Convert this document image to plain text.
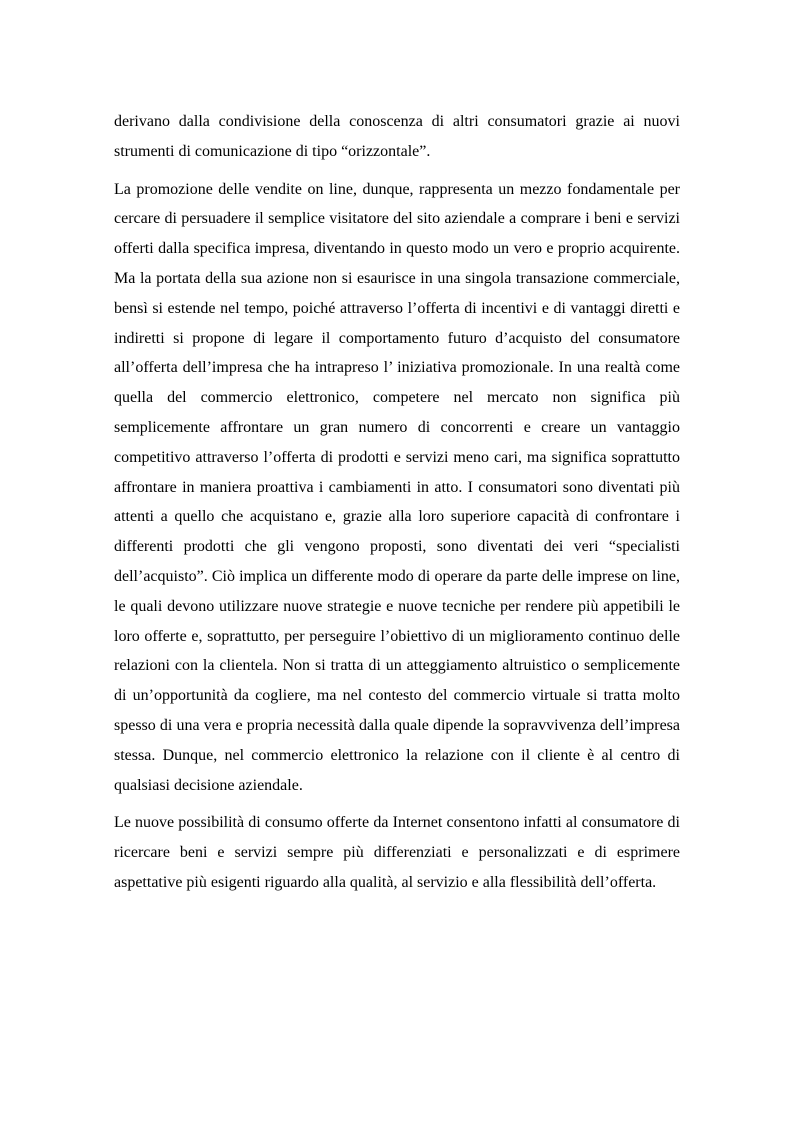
derivano dalla condivisione della conoscenza di altri consumatori grazie ai nuovi strumenti di comunicazione di tipo “orizzontale”.

La promozione delle vendite on line, dunque, rappresenta un mezzo fondamentale per cercare di persuadere il semplice visitatore del sito aziendale a comprare i beni e servizi offerti dalla specifica impresa, diventando in questo modo un vero e proprio acquirente. Ma la portata della sua azione non si esaurisce in una singola transazione commerciale, bensì si estende nel tempo, poiché attraverso l’offerta di incentivi e di vantaggi diretti e indiretti si propone di legare il comportamento futuro d’acquisto del consumatore all’offerta dell’impresa che ha intrapreso l’ iniziativa promozionale. In una realtà come quella del commercio elettronico, competere nel mercato non significa più semplicemente affrontare un gran numero di concorrenti e creare un vantaggio competitivo attraverso l’offerta di prodotti e servizi meno cari, ma significa soprattutto affrontare in maniera proattiva i cambiamenti in atto. I consumatori sono diventati più attenti a quello che acquistano e, grazie alla loro superiore capacità di confrontare i differenti prodotti che gli vengono proposti, sono diventati dei veri “specialisti dell’acquisto”. Ciò implica un differente modo di operare da parte delle imprese on line, le quali devono utilizzare nuove strategie e nuove tecniche per rendere più appetibili le loro offerte e, soprattutto, per perseguire l’obiettivo di un miglioramento continuo delle relazioni con la clientela. Non si tratta di un atteggiamento altruistico o semplicemente di un’opportunità da cogliere, ma nel contesto del commercio virtuale si tratta molto spesso di una vera e propria necessità dalla quale dipende la sopravvivenza dell’impresa stessa. Dunque, nel commercio elettronico la relazione con il cliente è al centro di qualsiasi decisione aziendale.

Le nuove possibilità di consumo offerte da Internet consentono infatti al consumatore di ricercare beni e servizi sempre più differenziati e personalizzati e di esprimere aspettative più esigenti riguardo alla qualità, al servizio e alla flessibilità dell’offerta.
